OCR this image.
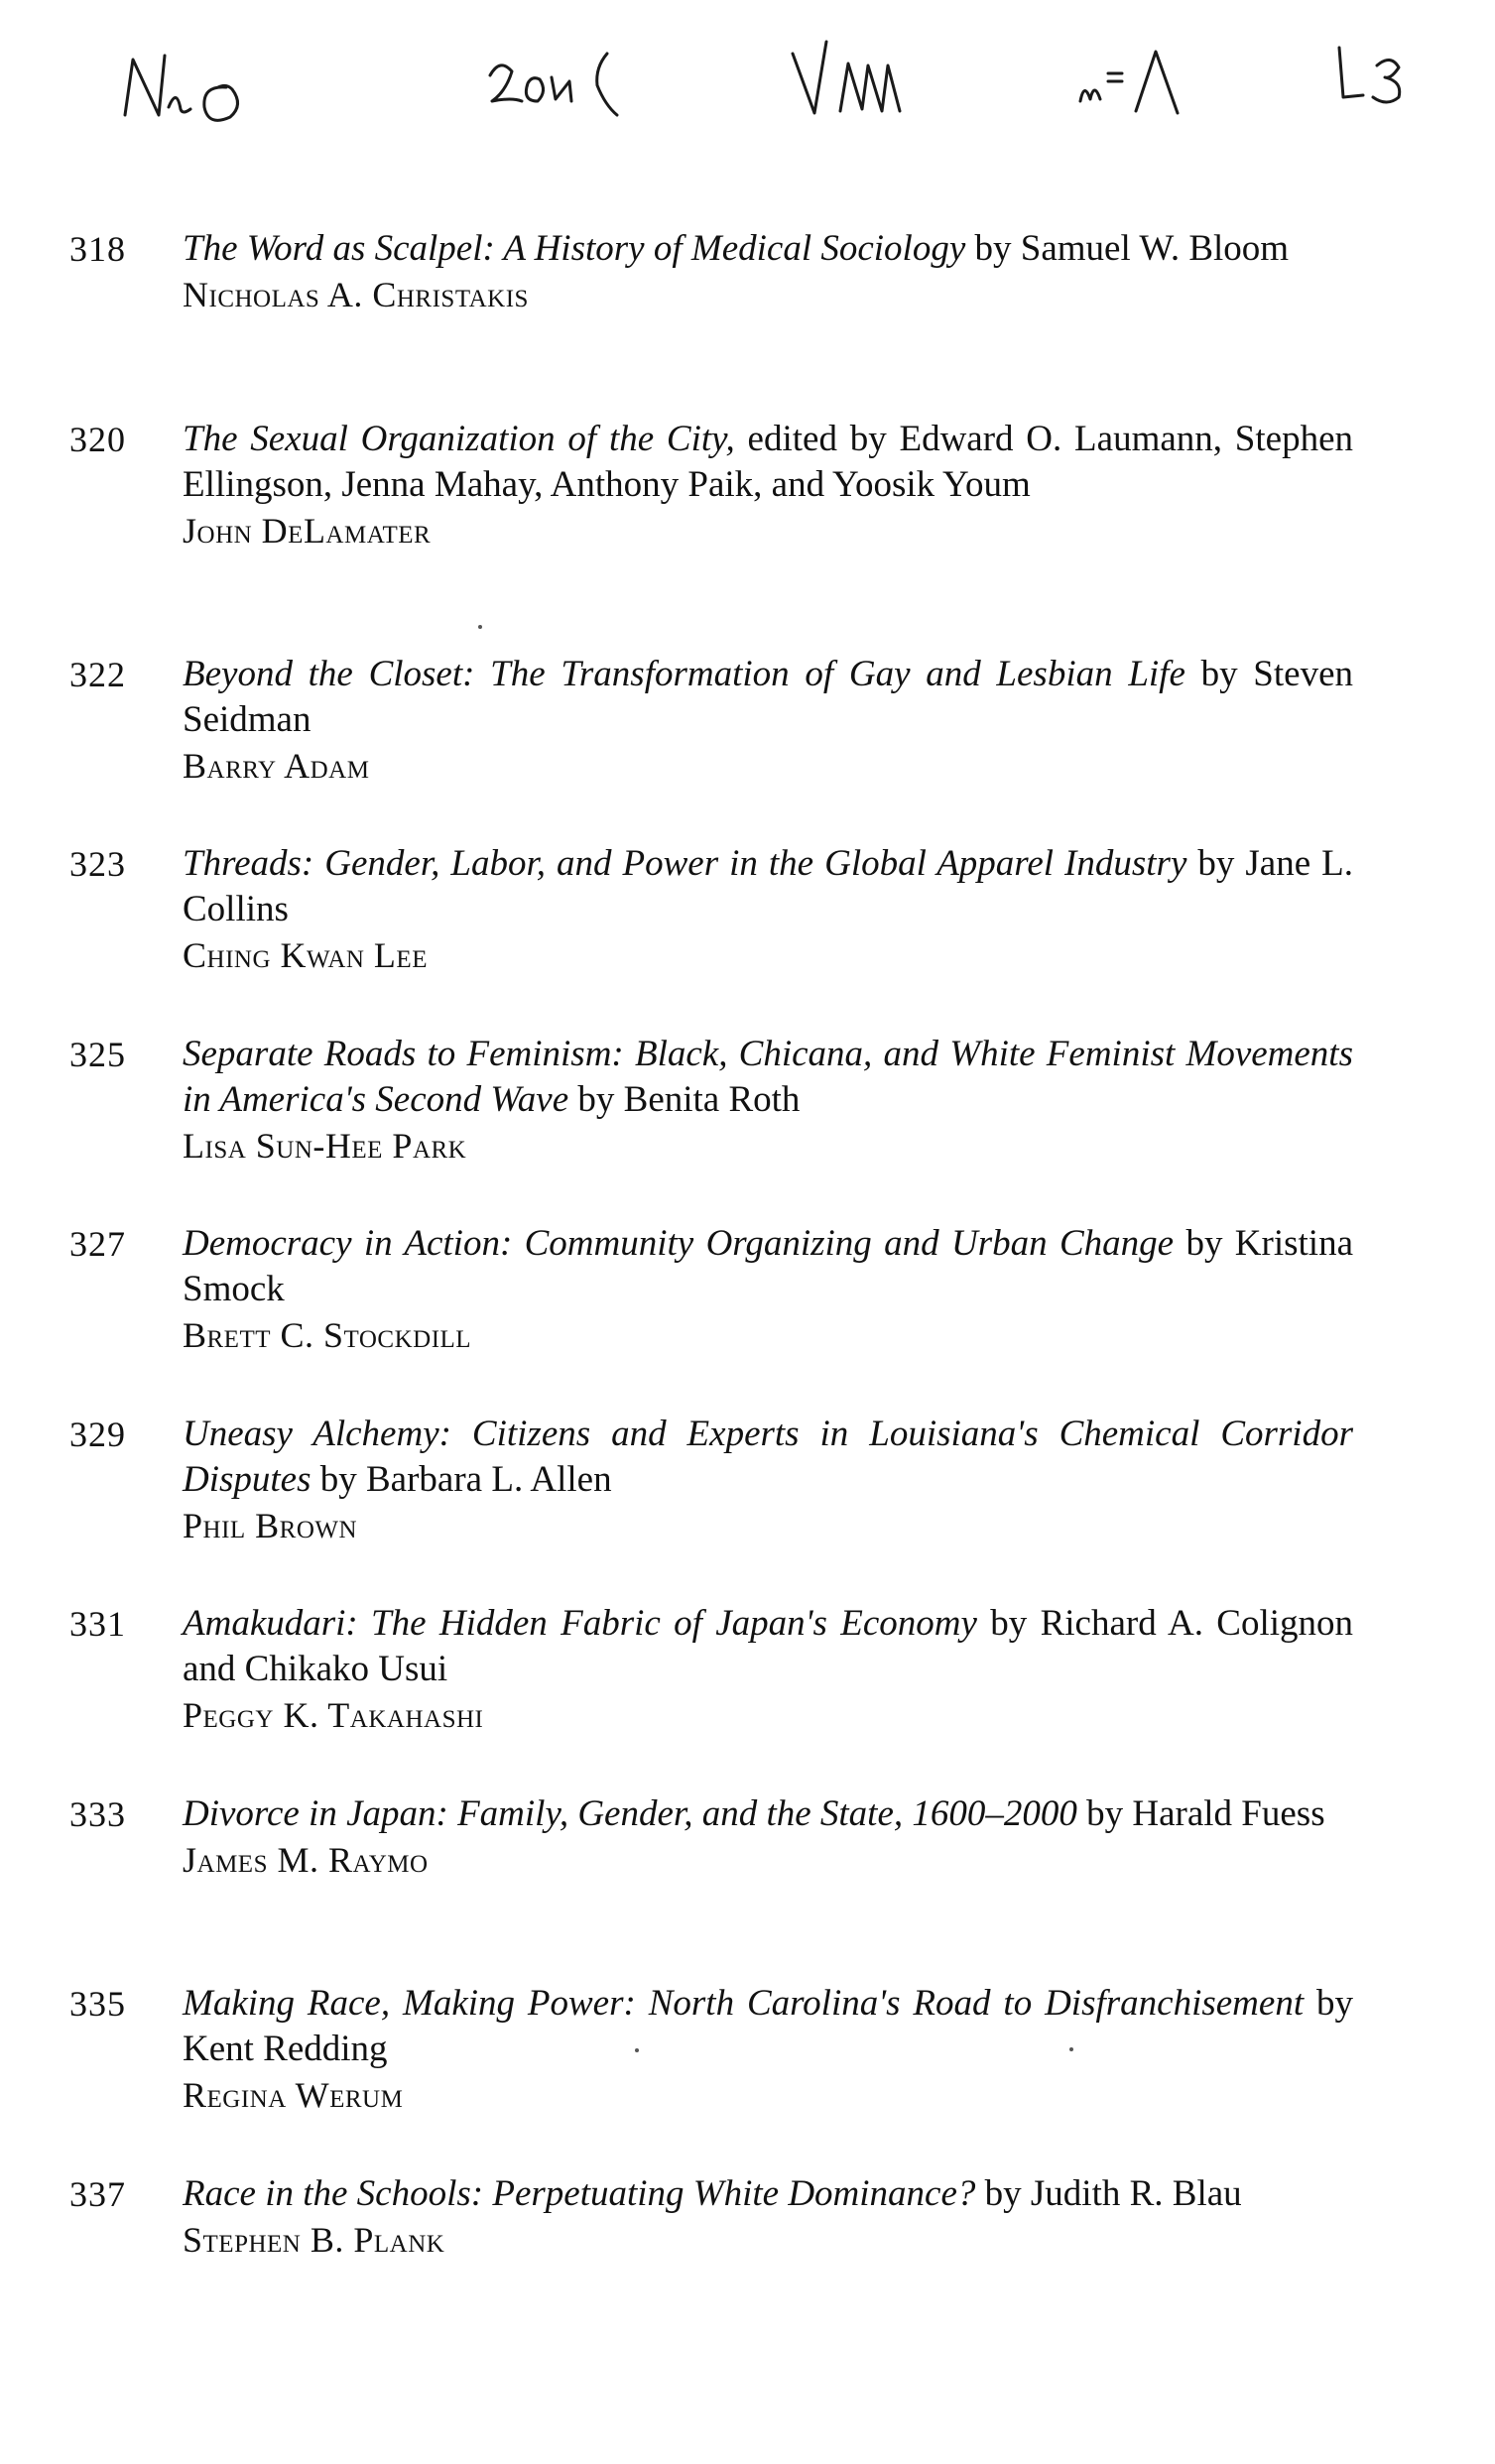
318 The Word as Scalpel: A History of Medical Sociology by Samuel W. Bloom
Nicholas A. Christakis
320 The Sexual Organization of the City, edited by Edward O. Laumann, Stephen Ellingson, Jenna Mahay, Anthony Paik, and Yoosik Youm
John DeLamater
322 Beyond the Closet: The Transformation of Gay and Lesbian Life by Steven Seidman
Barry Adam
323 Threads: Gender, Labor, and Power in the Global Apparel Industry by Jane L. Collins
Ching Kwan Lee
325 Separate Roads to Feminism: Black, Chicana, and White Feminist Movements in America's Second Wave by Benita Roth
Lisa Sun-Hee Park
327 Democracy in Action: Community Organizing and Urban Change by Kristina Smock
Brett C. Stockdill
329 Uneasy Alchemy: Citizens and Experts in Louisiana's Chemical Corridor Disputes by Barbara L. Allen
Phil Brown
331 Amakudari: The Hidden Fabric of Japan's Economy by Richard A. Colignon and Chikako Usui
Peggy K. Takahashi
333 Divorce in Japan: Family, Gender, and the State, 1600–2000 by Harald Fuess
James M. Raymo
335 Making Race, Making Power: North Carolina's Road to Disfranchisement by Kent Redding
Regina Werum
337 Race in the Schools: Perpetuating White Dominance? by Judith R. Blau
Stephen B. Plank
